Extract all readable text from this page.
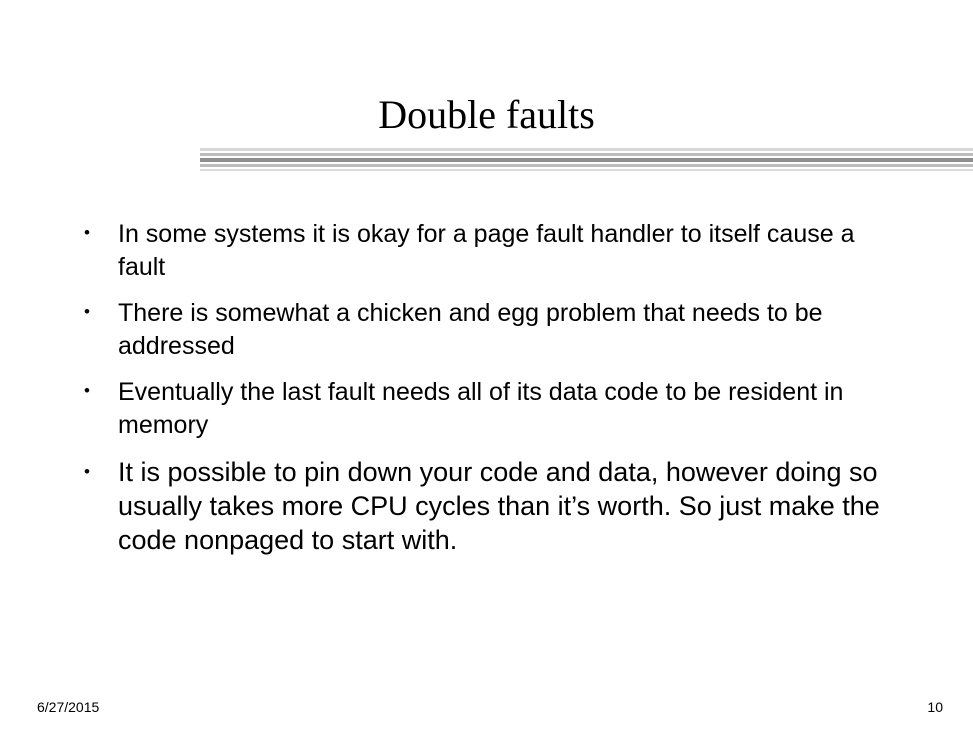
Double faults
• In some systems it is okay for a page fault handler to itself cause a fault
• There is somewhat a chicken and egg problem that needs to be addressed
• Eventually the last fault needs all of its data code to be resident in memory
• It is possible to pin down your code and data, however doing so usually takes more CPU cycles than it’s worth. So just make the code nonpaged to start with.
6/27/2015	10
